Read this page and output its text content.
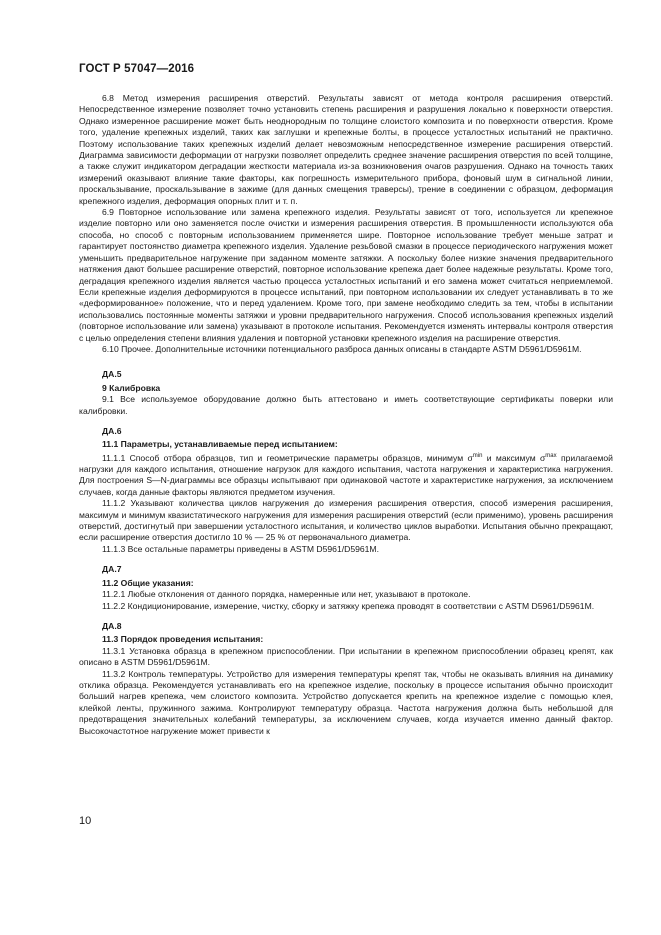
ГОСТ Р 57047—2016

6.8 Метод измерения расширения отверстий. Результаты зависят от метода контроля расширения отверстий. Непосредственное измерение позволяет точно установить степень расширения и разрушения локально к поверхности отверстия. Однако измеренное расширение может быть неоднородным по толщине слоистого композита и по поверхности отверстия. Кроме того, удаление крепежных изделий, таких как заглушки и крепежные болты, в процессе усталостных испытаний не практично. Поэтому использование таких крепежных изделий делает невозможным непосредственное измерение расширения отверстий. Диаграмма зависимости деформации от нагрузки позволяет определить среднее значение расширения отверстия по всей толщине, а также служит индикатором деградации жесткости материала из-за возникновения очагов разрушения. Однако на точность таких измерений оказывают влияние такие факторы, как погрешность измерительного прибора, фоновый шум в сигнальной линии, проскальзывание, проскальзывание в зажиме (для данных смещения траверсы), трение в соединении с образцом, деформация крепежного изделия, деформация опорных плит и т. п.

6.9 Повторное использование или замена крепежного изделия. Результаты зависят от того, используется ли крепежное изделие повторно или оно заменяется после очистки и измерения расширения отверстия. В промышленности используются оба способа, но способ с повторным использованием применяется шире. Повторное использование требует меньше затрат и гарантирует постоянство диаметра крепежного изделия. Удаление резьбовой смазки в процессе периодического нагружения может уменьшить предварительное нагружение при заданном моменте затяжки. А поскольку более низкие значения предварительного натяжения дают большее расширение отверстий, повторное использование крепежа дает более надежные результаты. Кроме того, деградация крепежного изделия является частью процесса усталостных испытаний и его замена может считаться неприемлемой. Если крепежные изделия деформируются в процессе испытаний, при повторном использовании их следует устанавливать в то же «деформированное» положение, что и перед удалением. Кроме того, при замене необходимо следить за тем, чтобы в испытании использовались постоянные моменты затяжки и уровни предварительного нагружения. Способ использования крепежных изделий (повторное использование или замена) указывают в протоколе испытания. Рекомендуется изменять интервалы контроля отверстия с целью определения степени влияния удаления и повторной установки крепежного изделия на расширение отверстия.

6.10 Прочее. Дополнительные источники потенциального разброса данных описаны в стандарте ASTM D5961/D5961M.

ДА.5

9 Калибровка

9.1 Все используемое оборудование должно быть аттестовано и иметь соответствующие сертификаты поверки или калибровки.

ДА.6

11.1 Параметры, устанавливаемые перед испытанием:

11.1.1 Способ отбора образцов, тип и геометрические параметры образцов, минимум $\sigma^{min}$ и максимум $\sigma^{max}$ прилагаемой нагрузки для каждого испытания, отношение нагрузок для каждого испытания, частота нагружения и характеристика нагружения. Для построения S—N-диаграммы все образцы испытывают при одинаковой частоте и характеристике нагружения, за исключением случаев, когда данные факторы являются предметом изучения.

11.1.2 Указывают количества циклов нагружения до измерения расширения отверстия, способ измерения расширения, максимум и минимум квазистатического нагружения для измерения расширения отверстий (если применимо), уровень расширения отверстий, достигнутый при завершении усталостного испытания, и количество циклов выработки. Испытания обычно прекращают, если расширение отверстия достигло 10 % — 25 % от первоначального диаметра.

11.1.3 Все остальные параметры приведены в ASTM D5961/D5961M.

ДА.7

11.2 Общие указания:

11.2.1 Любые отклонения от данного порядка, намеренные или нет, указывают в протоколе.

11.2.2 Кондиционирование, измерение, чистку, сборку и затяжку крепежа проводят в соответствии с ASTM D5961/D5961M.

ДА.8

11.3 Порядок проведения испытания:

11.3.1 Установка образца в крепежном приспособлении. При испытании в крепежном приспособлении образец крепят, как описано в ASTM D5961/D5961M.

11.3.2 Контроль температуры. Устройство для измерения температуры крепят так, чтобы не оказывать влияния на динамику отклика образца. Рекомендуется устанавливать его на крепежное изделие, поскольку в процессе испытания обычно происходит больший нагрев крепежа, чем слоистого композита. Устройство допускается крепить на крепежное изделие с помощью клея, клейкой ленты, пружинного зажима. Контролируют температуру образца. Частота нагружения должна быть небольшой для предотвращения значительных колебаний температуры, за исключением случаев, когда изучается именно данный фактор. Высокочастотное нагружение может привести к

10
